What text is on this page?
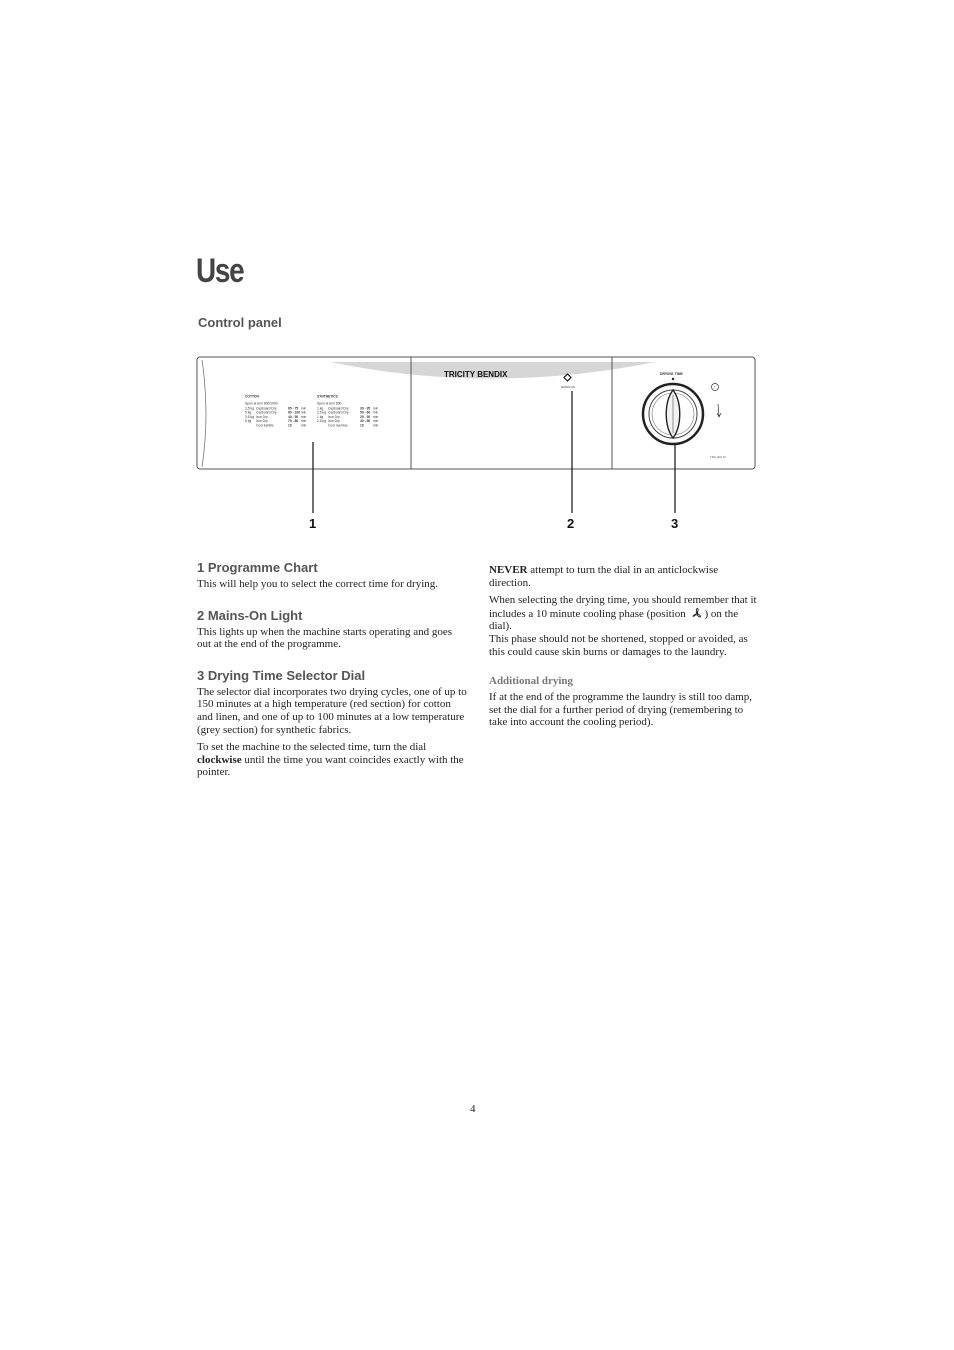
Use
Control panel
TRICITY BENDIX
COTTON
Spun at rpm 800/1000
3,5 kg Cupboard Dry	65 - 75 min
5 kg Cupboard Dry	80 - 100 min
3,5 kg Iron Dry	40 - 50 min
5 kg Iron Dry	70 - 80 min
Cool tumble	10	min
SYNTHETICS
Spun at rpm 600
1 kg Cupboard Dry	30 - 35 min
2,5 kg Cupboard Dry	50 - 60 min
1 kg Iron Dry	25 - 30 min
2,5 kg Iron Dry	40 - 50 min
Cool overdue	10	min
MAINS ON
DRYING TIME
!
TKD 1110 W
1	2	3
1 Programme Chart

This will help you to select the correct time for drying.

2 Mains-On Light

This lights up when the machine starts operating and goes out at the end of the programme.

3 Drying Time Selector Dial

The selector dial incorporates two drying cycles, one of up to 150 minutes at a high temperature (red section) for cotton and linen, and one of up to 100 minutes at a low temperature (grey section) for synthetic fabrics.

To set the machine to the selected time, turn the dial clockwise until the time you want coincides exactly with the pointer.

NEVER attempt to turn the dial in an anticlockwise direction.

When selecting the drying time, you should remember that it includes a 10 minute cooling phase (position ) on the dial).

This phase should not be shortened, stopped or avoided, as this could cause skin burns or damages to the laundry.

Additional drying

If at the end of the programme the laundry is still too damp, set the dial for a further period of drying (remembering to take into account the cooling period).

4
